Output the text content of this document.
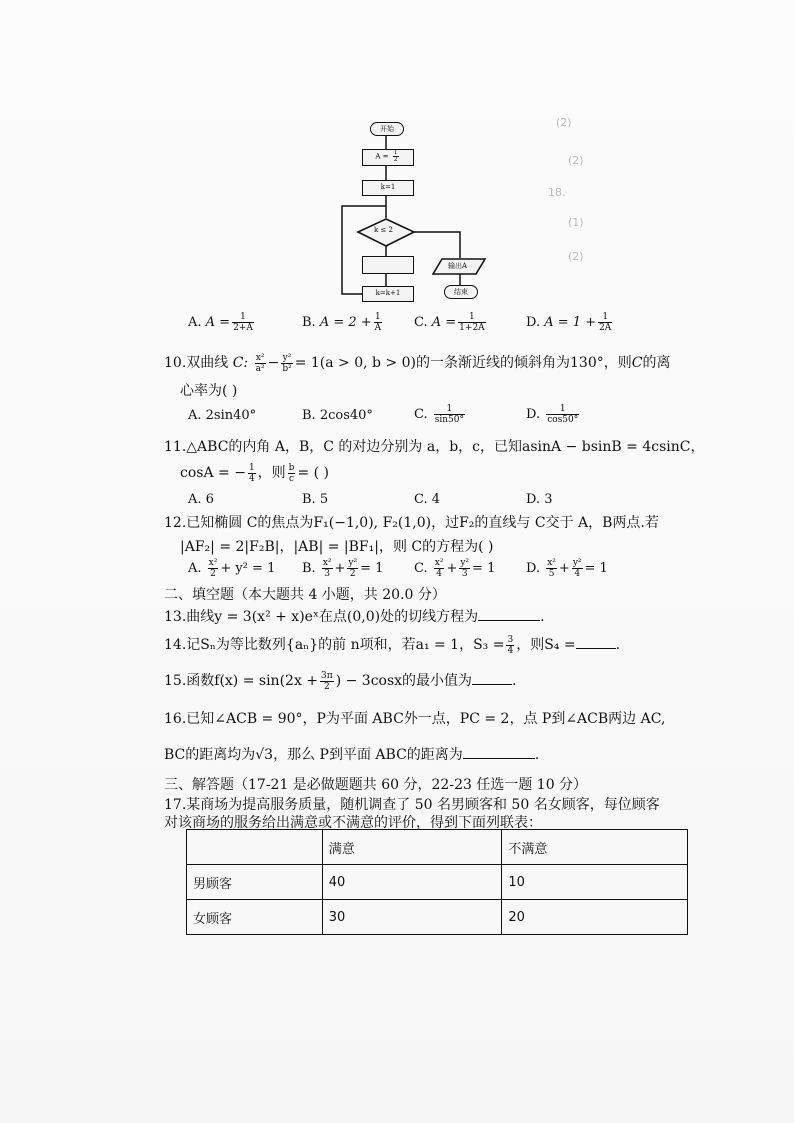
(2)
(2)
18.
(1)
(2)
开始
$A = \frac{1}{2}$
k=1
k ≤ 2
k=k+1
输出A
结束
A. $A = \frac{1}{2+A}$	B. $A = 2 + \frac{1}{A} C$. $A = \frac{1}{1+2A}$	D. $A = 1 + \frac{1}{2A}$
10.双曲线 C: $\frac{\text{x²}}{\text{a²}} - \frac{\text{y²}}{\text{b²}} = 1(a > 0$, b > 0)的一条渐近线的倾斜角为130°，则C的离
心率为( )
A. 2sin40°	B. 2cos40°	C. $\frac{1}{\sin 50^\circ}$	D. $\frac{1}{\cos 50^\circ}$
11.△ABC的内角 A，B，C 的对边分别为 a，b，c，已知asinA − bsinB = 4csinC，
cosA = − $\frac{1}{4}$ ，则 $\frac{b}{c}$ = ( )
A. 6	B. 5	C. 4	D. 3
12.已知椭圆 C的焦点为F₁(−1,0), F₂(1,0)，过F₂的直线与 C交于 A，B两点.若
|AF₂| = 2|F₂B|，|AB| = |BF₁|，则 C的方程为( )
A. $\frac{\text{x²}}{2} + y^2 = 1$ B. $\frac{\text{x²}}{3} + \frac{\text{y²}}{2} = 1$ C. $\frac{\text{x²}}{4} + \frac{\text{y²}}{3} = 1$ D. $\frac{\text{x²}}{5} + \frac{\text{y²}}{4} = 1$
二、填空题（本大题共 4 小题，共 20.0 分）
13.曲线y = 3(x² + x)eˣ在点(0,0)处的切线方程为	.
14.记Sₙ为等比数列{aₙ}的前 n项和，若a₁ = 1，$S_3 = \frac{3}{4}$ ，则S₄ =	.
15.函数$f(x) = \sin(2x + \frac{3\pi}{2}$ ) − 3cosx的最小值为	.
16.已知∠ACB = 90°，P为平面 ABC外一点，PC = 2，点 P到∠ACB两边 AC,
BC的距离均为√3，那么 P到平面 ABC的距离为	.
三、解答题（17-21 是必做题题共 60 分，22-23 任选一题 10 分）
17.某商场为提高服务质量，随机调查了 50 名男顾客和 50 名女顾客，每位顾客
对该商场的服务给出满意或不满意的评价，得到下面列联表：
	满意	不满意
男顾客	40	10
女顾客	30	20
